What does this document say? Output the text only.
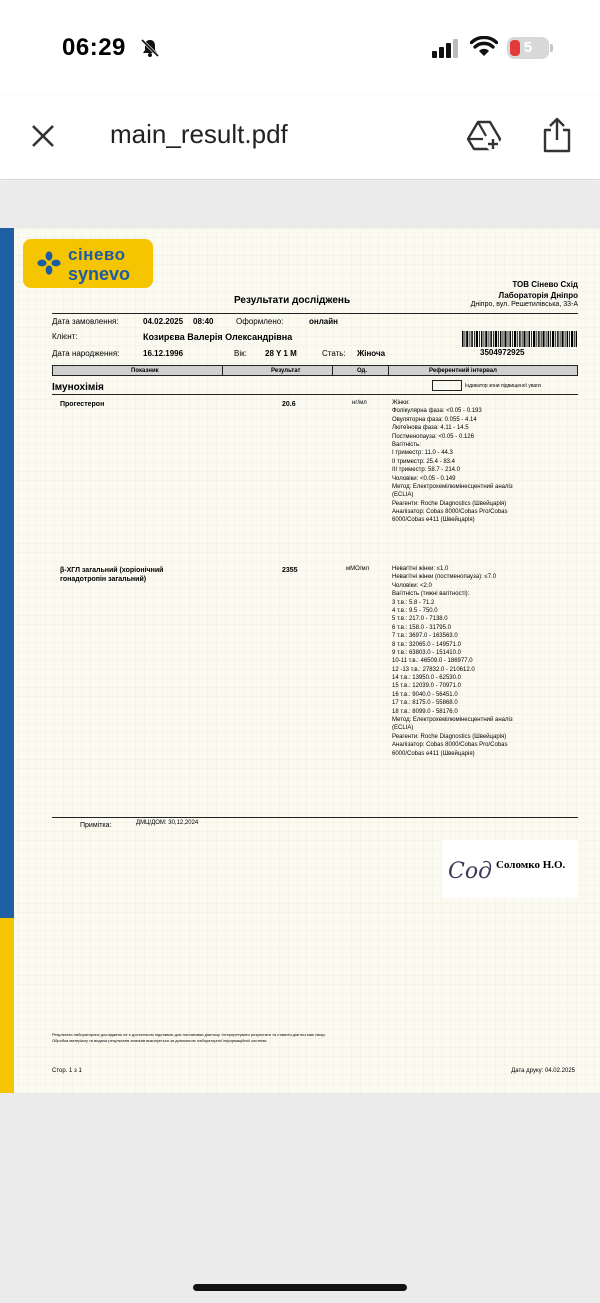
06:29	5
main_result.pdf
сінево
synevo
ТОВ Сінево Схід
Лабораторія Дніпро
Дніпро, вул. Решетилівська, 33-А
Результати досліджень
Дата замовлення:	04.02.2025 08:40	Оформлено:	онлайн
Клієнт:	Козирєва Валерія Олександрівна
Дата народження:	16.12.1996	Вік: 28 Y 1 M	Стать: Жіноча	3504972925
Показник	Результат	Од.	Референтний інтервал
Імунохімія	Індикатор зони підвищеної уваги
Прогестерон	20.6	нг/мл	Жінки:
Фолікулярна фаза: <0.05 - 0.193
Овуляторна фаза: 0.055 - 4.14
Лютеїнова фаза: 4.11 - 14.5
Постменопауза: <0.05 - 0.126
Вагітність:
I триместр: 11.0 - 44.3
II триместр: 25.4 - 83.4
III триместр: 58.7 - 214.0
Чоловіки: <0.05 - 0.149
Метод: Електрохемілюмінесцентний аналіз
(ECLIA)
Реагенти: Roche Diagnostics (Швейцарія)
Аналізатор: Cobas 8000/Cobas Pro/Cobas
6000/Cobas e411 (Швейцарія)
β-ХГЛ загальний (хоріонічний
гонадотропін загальний)
2355	мМО/мл	Невагітні жінки: ≤1.0
Невагітні жінки (постменопауза): ≤7.0
Чоловіки: <2.0
Вагітність (тижні вагітності):
3 т.в.: 5.8 - 71.2
4 т.в.: 9.5 - 750.0
5 т.в.: 217.0 - 7138.0
6 т.в.: 158.0 - 31795.0
7 т.в.: 3697.0 - 163563.0
8 т.в.: 32065.0 - 149571.0
9 т.в.: 63803.0 - 151410.0
10-11 т.в.: 46509.0 - 186977.0
12 -13 т.в.: 27832.0 - 210612.0
14 т.в.: 13950.0 - 62530.0
15 т.в.: 12039.0 - 70971.0
16 т.в.: 9040.0 - 56451.0
17 т.в.: 8175.0 - 55868.0
18 т.в.: 8099.0 - 58176.0
Метод: Електрохемілюмінесцентний аналіз
(ECLIA)
Реагенти: Roche Diagnostics (Швейцарія)
Аналізатор: Cobas 8000/Cobas Pro/Cobas
6000/Cobas e411 (Швейцарія)
Примітка:	ДМЦ/ДОМ: 30,12,2024
Сод Соломко Н.О.
Результати лабораторних досліджень не є достатньою підставою для постановки діагнозу. Інтерпретувати результати та ставити діагноз має лікар.
Обробка матеріалу та видача результатів аналізів виконується за допомогою лабораторної інформаційної системи.
Стор. 1 з 1	Дата друку: 04.02.2025
